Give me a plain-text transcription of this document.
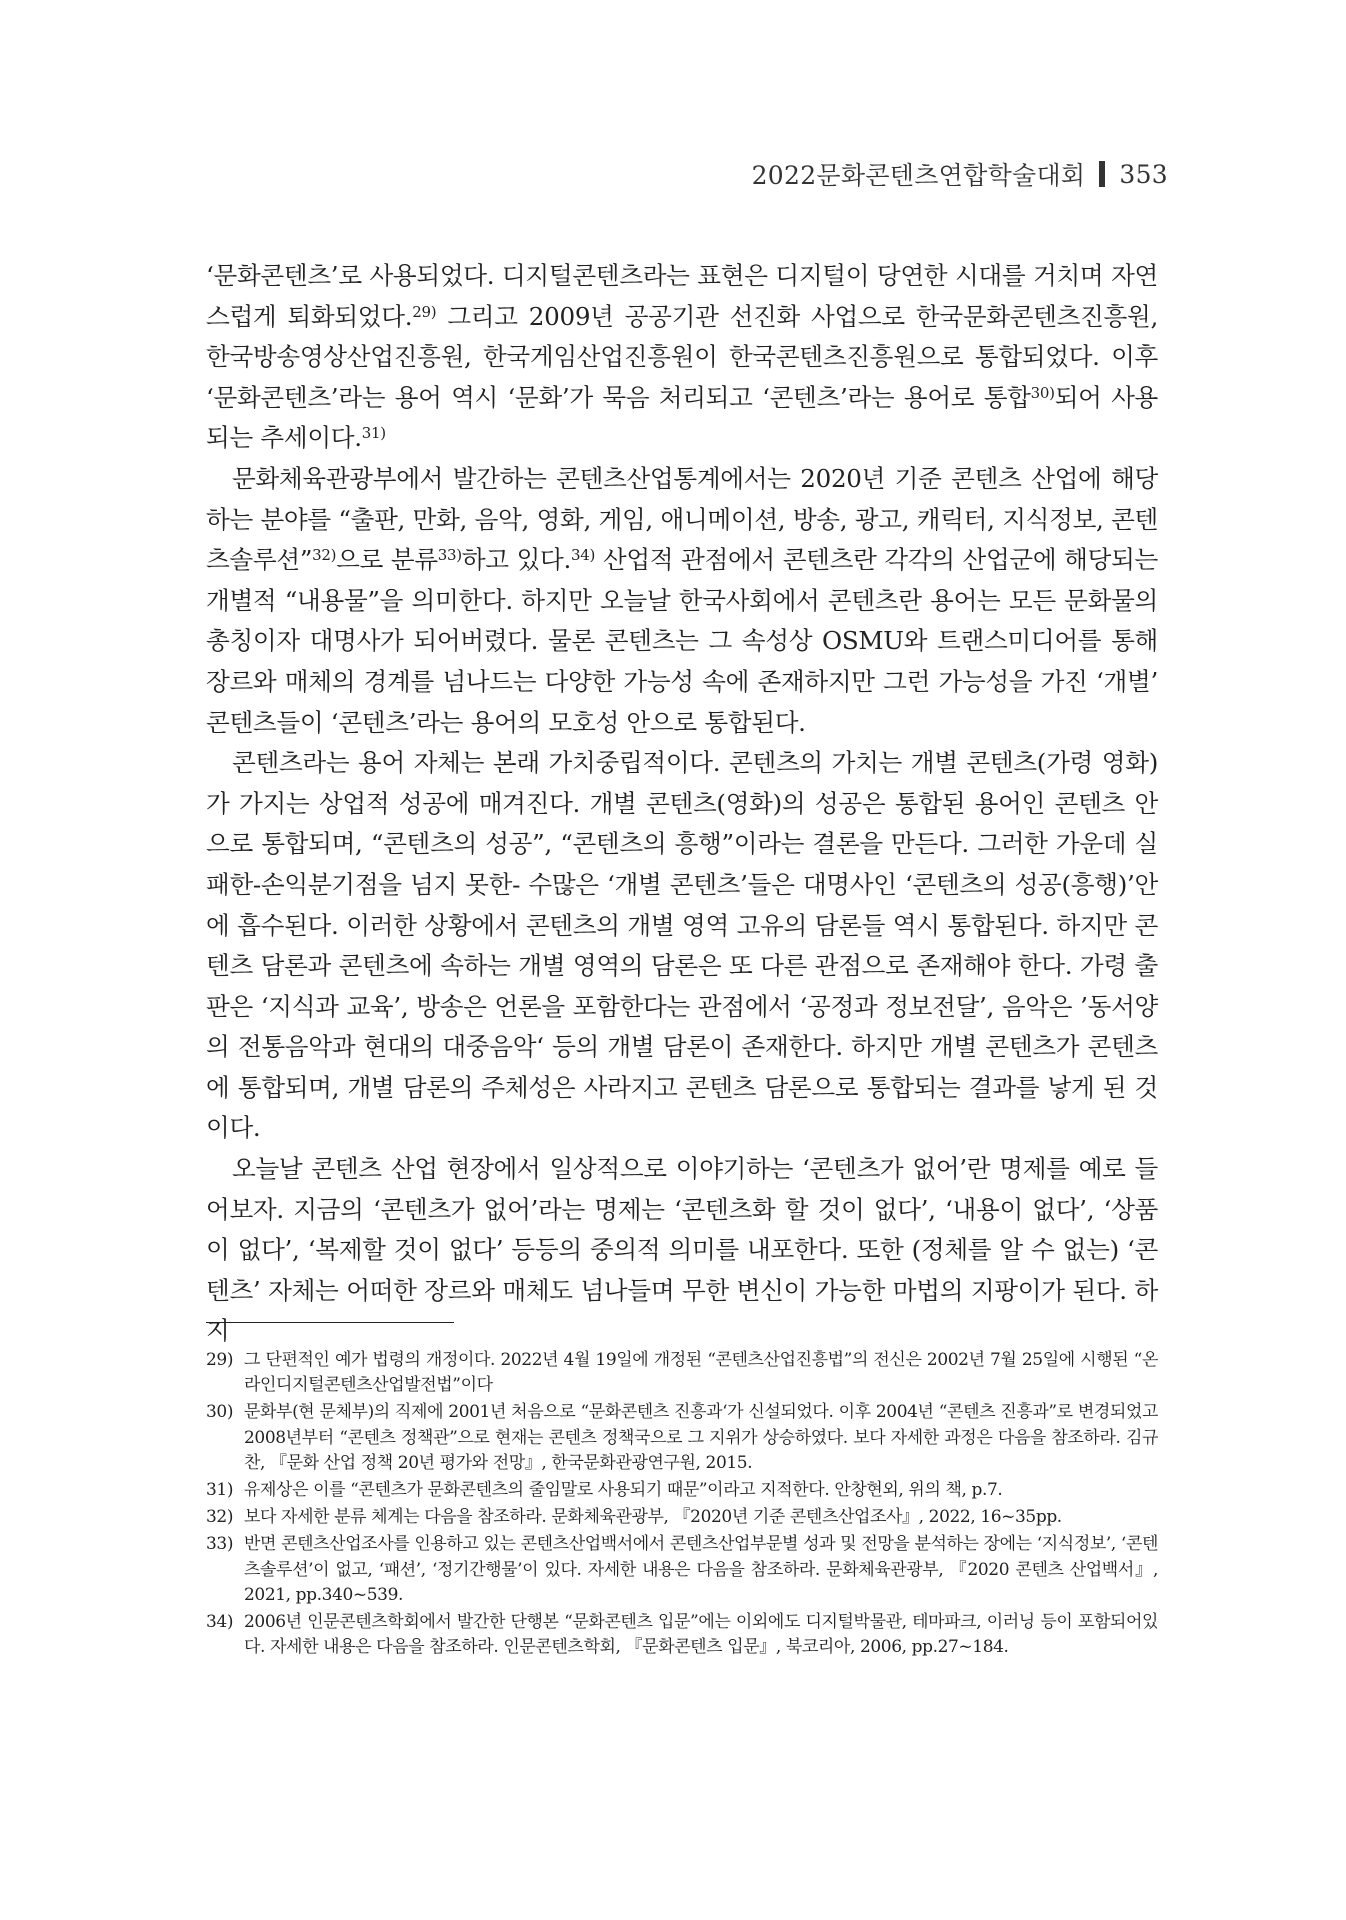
2022문화콘텐츠연합학술대회 353

‘문화콘텐츠’로 사용되었다. 디지털콘텐츠라는 표현은 디지털이 당연한 시대를 거치며 자연스럽게 퇴화되었다.$^{29)}$ 그리고 2009년 공공기관 선진화 사업으로 한국문화콘텐츠진흥원, 한국방송영상산업진흥원, 한국게임산업진흥원이 한국콘텐츠진흥원으로 통합되었다. 이후 ‘문화콘텐츠’라는 용어 역시 ‘문화’가 묵음 처리되고 ‘콘텐츠’라는 용어로 통합$^{30)}$되어 사용되는 추세이다.$^{31)}$

문화체육관광부에서 발간하는 콘텐츠산업통계에서는 2020년 기준 콘텐츠 산업에 해당하는 분야를 “출판, 만화, 음악, 영화, 게임, 애니메이션, 방송, 광고, 캐릭터, 지식정보, 콘텐츠솔루션”$^{32)}$으로 분류$^{33)}$하고 있다.$^{34)}$ 산업적 관점에서 콘텐츠란 각각의 산업군에 해당되는 개별적 “내용물”을 의미한다. 하지만 오늘날 한국사회에서 콘텐츠란 용어는 모든 문화물의 총칭이자 대명사가 되어버렸다. 물론 콘텐츠는 그 속성상 OSMU와 트랜스미디어를 통해 장르와 매체의 경계를 넘나드는 다양한 가능성 속에 존재하지만 그런 가능성을 가진 ‘개별’ 콘텐츠들이 ‘콘텐츠’라는 용어의 모호성 안으로 통합된다.

콘텐츠라는 용어 자체는 본래 가치중립적이다. 콘텐츠의 가치는 개별 콘텐츠(가령 영화)가 가지는 상업적 성공에 매겨진다. 개별 콘텐츠(영화)의 성공은 통합된 용어인 콘텐츠 안으로 통합되며, “콘텐츠의 성공”, “콘텐츠의 흥행”이라는 결론을 만든다. 그러한 가운데 실패한-손익분기점을 넘지 못한- 수많은 ‘개별 콘텐츠’들은 대명사인 ‘콘텐츠의 성공(흥행)’안에 흡수된다. 이러한 상황에서 콘텐츠의 개별 영역 고유의 담론들 역시 통합된다. 하지만 콘텐츠 담론과 콘텐츠에 속하는 개별 영역의 담론은 또 다른 관점으로 존재해야 한다. 가령 출판은 ‘지식과 교육’, 방송은 언론을 포함한다는 관점에서 ‘공정과 정보전달’, 음악은 ’동서양의 전통음악과 현대의 대중음악‘ 등의 개별 담론이 존재한다. 하지만 개별 콘텐츠가 콘텐츠에 통합되며, 개별 담론의 주체성은 사라지고 콘텐츠 담론으로 통합되는 결과를 낳게 된 것이다.

오늘날 콘텐츠 산업 현장에서 일상적으로 이야기하는 ‘콘텐츠가 없어’란 명제를 예로 들어보자. 지금의 ‘콘텐츠가 없어’라는 명제는 ‘콘텐츠화 할 것이 없다’, ‘내용이 없다’, ‘상품이 없다’, ‘복제할 것이 없다’ 등등의 중의적 의미를 내포한다. 또한 (정체를 알 수 없는) ‘콘텐츠’ 자체는 어떠한 장르와 매체도 넘나들며 무한 변신이 가능한 마법의 지팡이가 된다. 하지

29) 그 단편적인 예가 법령의 개정이다. 2022년 4월 19일에 개정된 “콘텐츠산업진흥법”의 전신은 2002년 7월 25일에 시행된 “온라인디지털콘텐츠산업발전법”이다
30) 문화부(현 문체부)의 직제에 2001년 처음으로 “문화콘텐츠 진흥과‘가 신설되었다. 이후 2004년 “콘텐츠 진흥과”로 변경되었고 2008년부터 “콘텐츠 정책관”으로 현재는 콘텐츠 정책국으로 그 지위가 상승하였다. 보다 자세한 과정은 다음을 참조하라. 김규찬, 『문화 산업 정책 20년 평가와 전망』, 한국문화관광연구원, 2015.
31) 유제상은 이를 “콘텐츠가 문화콘텐츠의 줄임말로 사용되기 때문”이라고 지적한다. 안창현외, 위의 책, p.7.
32) 보다 자세한 분류 체계는 다음을 참조하라. 문화체육관광부, 『2020년 기준 콘텐츠산업조사』, 2022, 16~35pp.
33) 반면 콘텐츠산업조사를 인용하고 있는 콘텐츠산업백서에서 콘텐츠산업부문별 성과 및 전망을 분석하는 장에는 ‘지식정보’, ‘콘텐츠솔루션’이 없고, ‘패션’, ‘정기간행물’이 있다. 자세한 내용은 다음을 참조하라. 문화체육관광부, 『2020 콘텐츠 산업백서』, 2021, pp.340~539.
34) 2006년 인문콘텐츠학회에서 발간한 단행본 “문화콘텐츠 입문”에는 이외에도 디지털박물관, 테마파크, 이러닝 등이 포함되어있다. 자세한 내용은 다음을 참조하라. 인문콘텐츠학회, 『문화콘텐츠 입문』, 북코리아, 2006, pp.27~184.
